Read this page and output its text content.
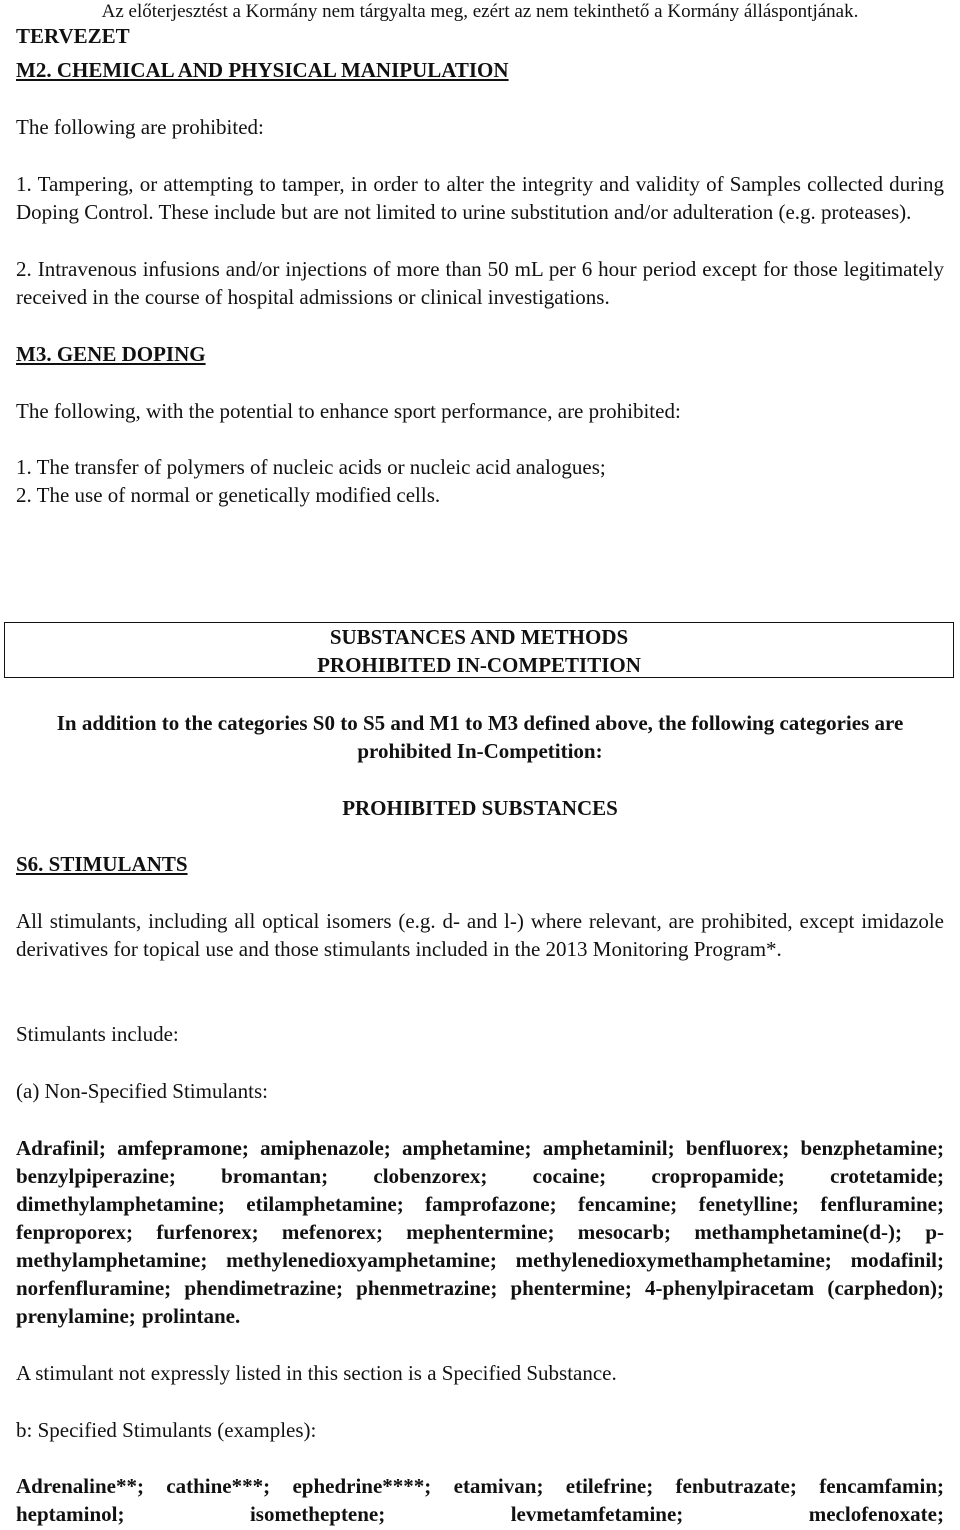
Az előterjesztést a Kormány nem tárgyalta meg, ezért az nem tekinthető a Kormány álláspontjának.
TERVEZET
M2. CHEMICAL AND PHYSICAL MANIPULATION
The following are prohibited:
1. Tampering, or attempting to tamper, in order to alter the integrity and validity of Samples collected during Doping Control. These include but are not limited to urine substitution and/or adulteration (e.g. proteases).
2. Intravenous infusions and/or injections of more than 50 mL per 6 hour period except for those legitimately received in the course of hospital admissions or clinical investigations.
M3. GENE DOPING
The following, with the potential to enhance sport performance, are prohibited:
1. The transfer of polymers of nucleic acids or nucleic acid analogues;
2. The use of normal or genetically modified cells.
SUBSTANCES AND METHODS
PROHIBITED IN-COMPETITION
In addition to the categories S0 to S5 and M1 to M3 defined above, the following categories are prohibited In-Competition:
PROHIBITED SUBSTANCES
S6. STIMULANTS
All stimulants, including all optical isomers (e.g. d- and l-) where relevant, are prohibited, except imidazole derivatives for topical use and those stimulants included in the 2013 Monitoring Program*.
Stimulants include:
(a) Non-Specified Stimulants:
Adrafinil; amfepramone; amiphenazole; amphetamine; amphetaminil; benfluorex; benzphetamine; benzylpiperazine; bromantan; clobenzorex; cocaine; cropropamide; crotetamide; dimethylamphetamine; etilamphetamine; famprofazone; fencamine; fenetylline; fenfluramine; fenproporex; furfenorex; mefenorex; mephentermine; mesocarb; methamphetamine(d-); p-methylamphetamine; methylenedioxyamphetamine; methylenedioxymethamphetamine; modafinil; norfenfluramine; phendimetrazine; phenmetrazine; phentermine; 4-phenylpiracetam (carphedon); prenylamine; prolintane.
A stimulant not expressly listed in this section is a Specified Substance.
b: Specified Stimulants (examples):
Adrenaline**; cathine***; ephedrine****; etamivan; etilefrine; fenbutrazate; fencamfamin; heptaminol; isometheptene; levmetamfetamine; meclofenoxate;
